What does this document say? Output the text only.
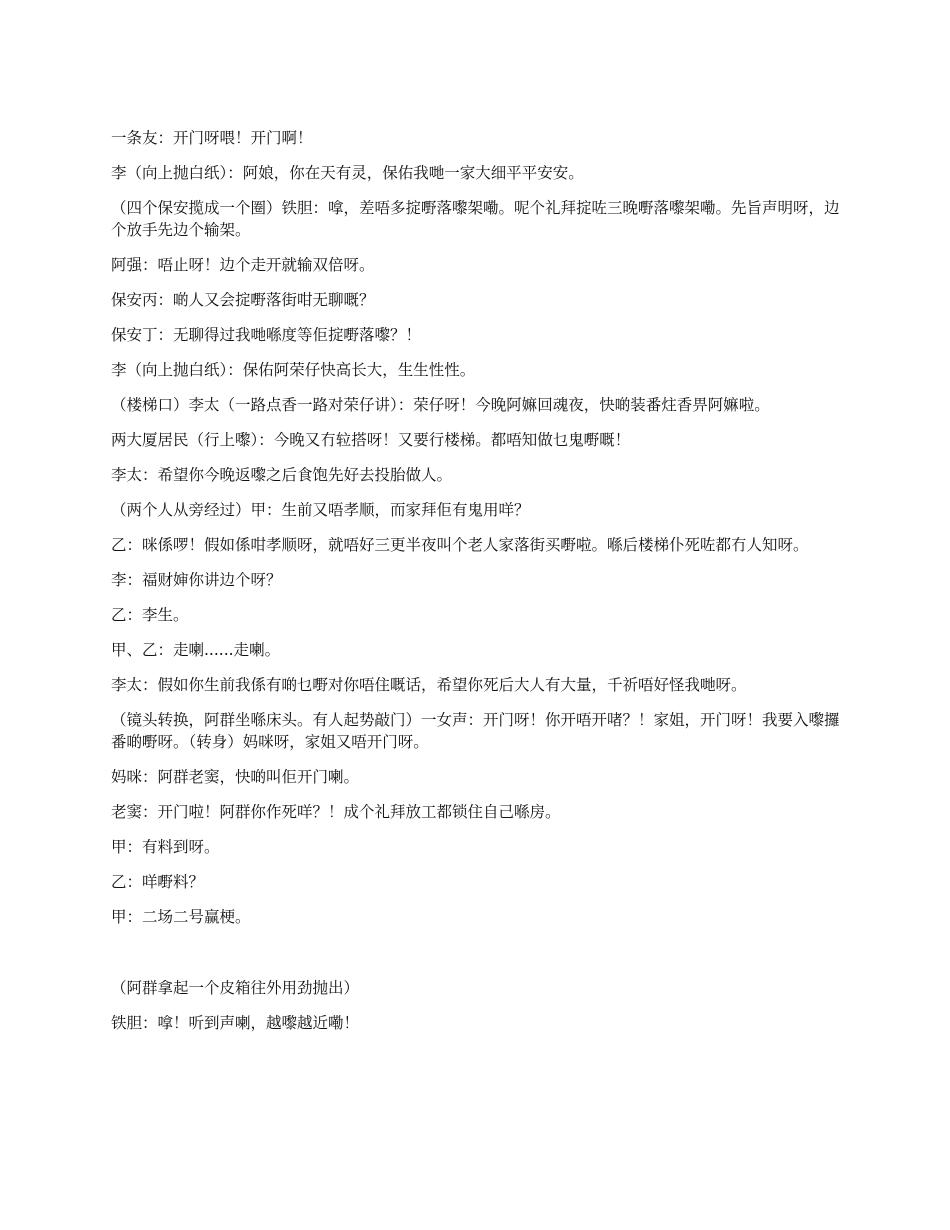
一条友：开门呀喂！开门啊！

李（向上抛白纸）：阿娘，你在天有灵，保佑我哋一家大细平平安安。

（四个保安揽成一个圈）铁胆：嗱，差唔多掟嘢落嚟架嘞。呢个礼拜掟咗三晚嘢落嚟架嘞。先旨声明呀，边个放手先边个输架。

阿强：唔止呀！边个走开就输双倍呀。

保安丙：啲人又会掟嘢落街咁无聊嘅？

保安丁：无聊得过我哋喺度等佢掟嘢落嚟？！

李（向上抛白纸）：保佑阿荣仔快高长大，生生性性。

（楼梯口）李太（一路点香一路对荣仔讲）：荣仔呀！今晚阿嫲回魂夜，快啲装番炷香畀阿嫲啦。

两大厦居民（行上嚟）：今晚又冇䢂搭呀！又要行楼梯。都唔知做乜鬼嘢嘅！

李太：希望你今晚返嚟之后食饱先好去投胎做人。

（两个人从旁经过）甲：生前又唔孝顺，而家拜佢有鬼用咩？

乙：咪係啰！假如係咁孝顺呀，就唔好三更半夜叫个老人家落街买嘢啦。喺后楼梯仆死咗都冇人知呀。

李：福财婶你讲边个呀？

乙：李生。

甲、乙：走喇......走喇。

李太：假如你生前我係有啲乜嘢对你唔住嘅话，希望你死后大人有大量，千祈唔好怪我哋呀。

（镜头转换，阿群坐喺床头。有人起势敲门）一女声：开门呀！你开唔开啫？！家姐，开门呀！我要入嚟攞番啲嘢呀。（转身）妈咪呀，家姐又唔开门呀。

妈咪：阿群老窦，快啲叫佢开门喇。

老窦：开门啦！阿群你作死咩？！成个礼拜放工都锁住自己喺房。

甲：有料到呀。

乙：咩嘢料？

甲：二场二号赢梗。

（阿群拿起一个皮箱往外用劲抛出）

铁胆：嗱！听到声喇，越嚟越近嘞！
